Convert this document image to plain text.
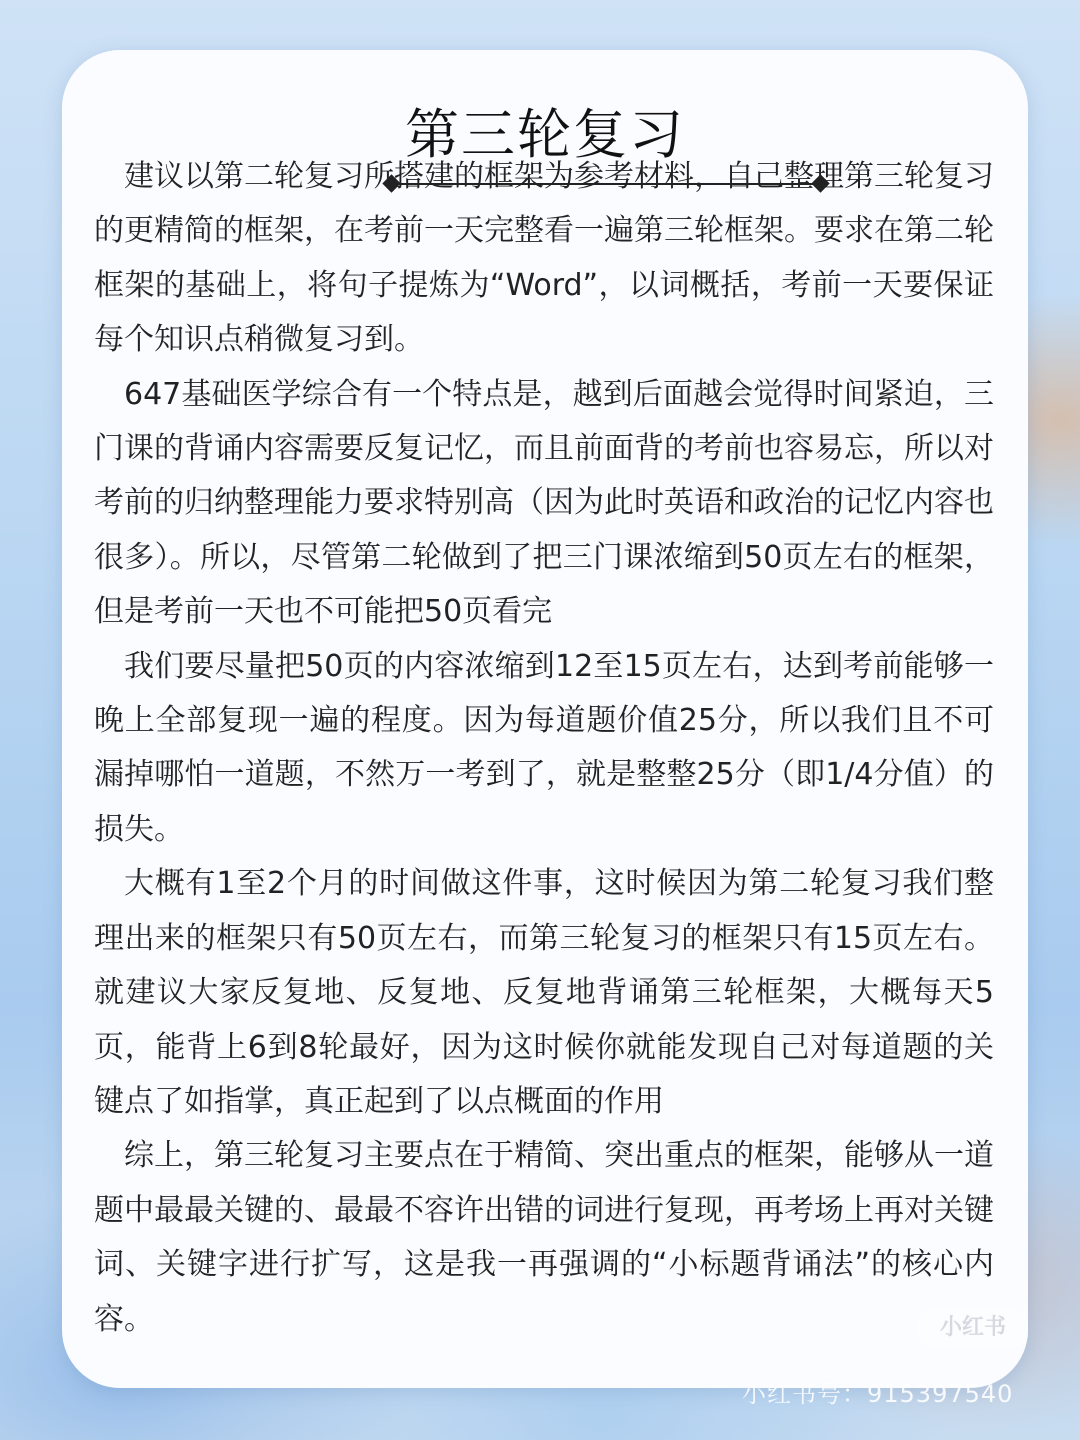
第三轮复习

建议以第二轮复习所搭建的框架为参考材料，自己整理第三轮复习的更精简的框架，在考前一天完整看一遍第三轮框架。要求在第二轮框架的基础上，将句子提炼为“Word”，以词概括，考前一天要保证每个知识点稍微复习到。

647基础医学综合有一个特点是，越到后面越会觉得时间紧迫，三门课的背诵内容需要反复记忆，而且前面背的考前也容易忘，所以对考前的归纳整理能力要求特别高（因为此时英语和政治的记忆内容也很多）。所以，尽管第二轮做到了把三门课浓缩到50页左右的框架，但是考前一天也不可能把50页看完

我们要尽量把50页的内容浓缩到12至15页左右，达到考前能够一晚上全部复现一遍的程度。因为每道题价值25分，所以我们且不可漏掉哪怕一道题，不然万一考到了，就是整整25分（即1/4分值）的损失。

大概有1至2个月的时间做这件事，这时候因为第二轮复习我们整理出来的框架只有50页左右，而第三轮复习的框架只有15页左右。就建议大家反复地、反复地、反复地背诵第三轮框架，大概每天5页，能背上6到8轮最好，因为这时候你就能发现自己对每道题的关键点了如指掌，真正起到了以点概面的作用

综上，第三轮复习主要点在于精简、突出重点的框架，能够从一道题中最最关键的、最最不容许出错的词进行复现，再考场上再对关键词、关键字进行扩写，这是我一再强调的“小标题背诵法”的核心内容。	小红书
小红书号：915397540
